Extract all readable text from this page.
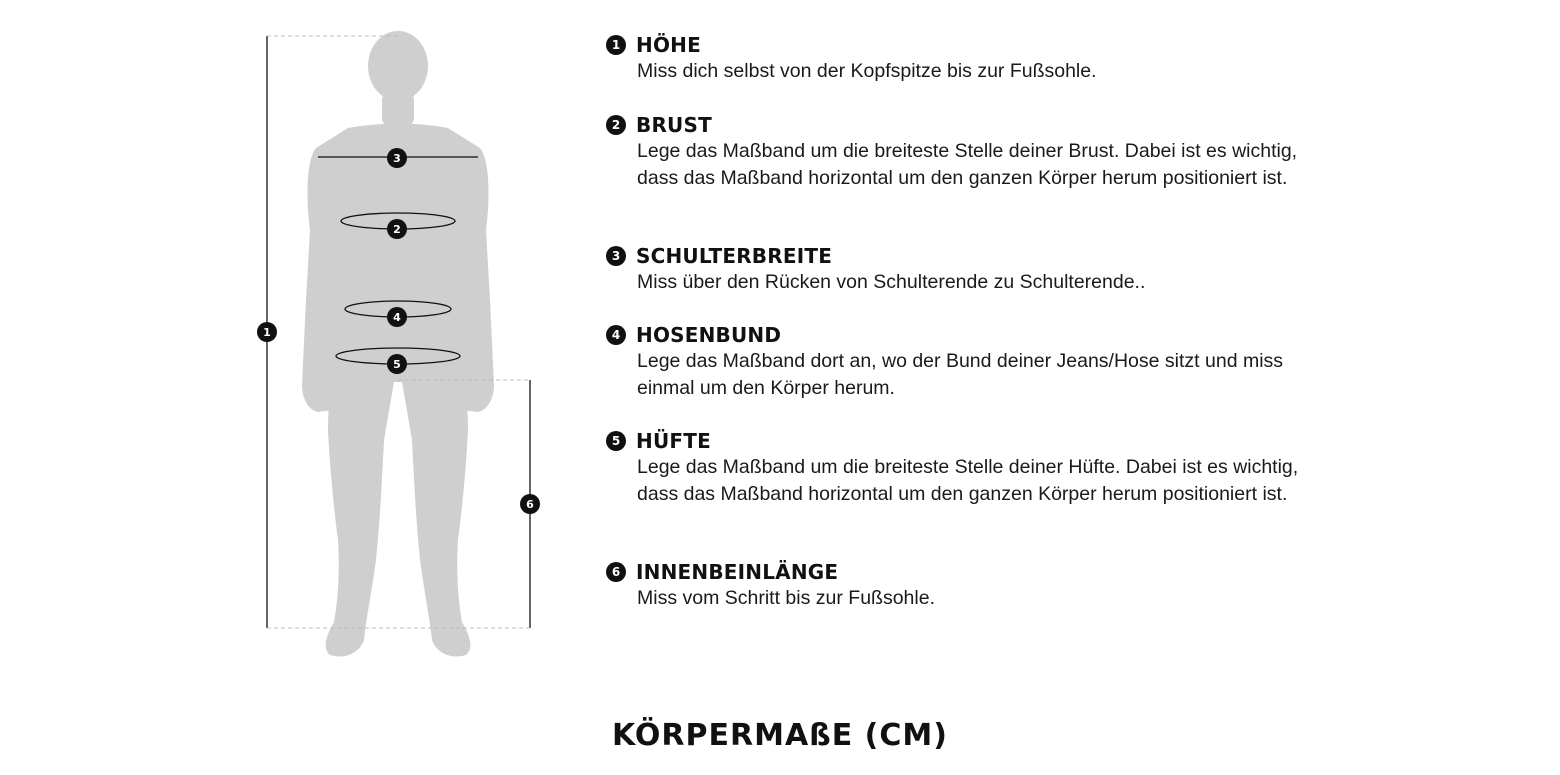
1
2
3
4
5
6
1 HÖHE
Miss dich selbst von der Kopfspitze bis zur Fußsohle.
2 BRUST
Lege das Maßband um die breiteste Stelle deiner Brust. Dabei ist es wichtig, dass das Maßband horizontal um den ganzen Körper herum positioniert ist.
3 SCHULTERBREITE
Miss über den Rücken von Schulterende zu Schulterende..
4 HOSENBUND
Lege das Maßband dort an, wo der Bund deiner Jeans/Hose sitzt und miss einmal um den Körper herum.
5 HÜFTE
Lege das Maßband um die breiteste Stelle deiner Hüfte. Dabei ist es wichtig, dass das Maßband horizontal um den ganzen Körper herum positioniert ist.
6 INNENBEINLÄNGE
Miss vom Schritt bis zur Fußsohle.
KÖRPERMAßE (CM)
